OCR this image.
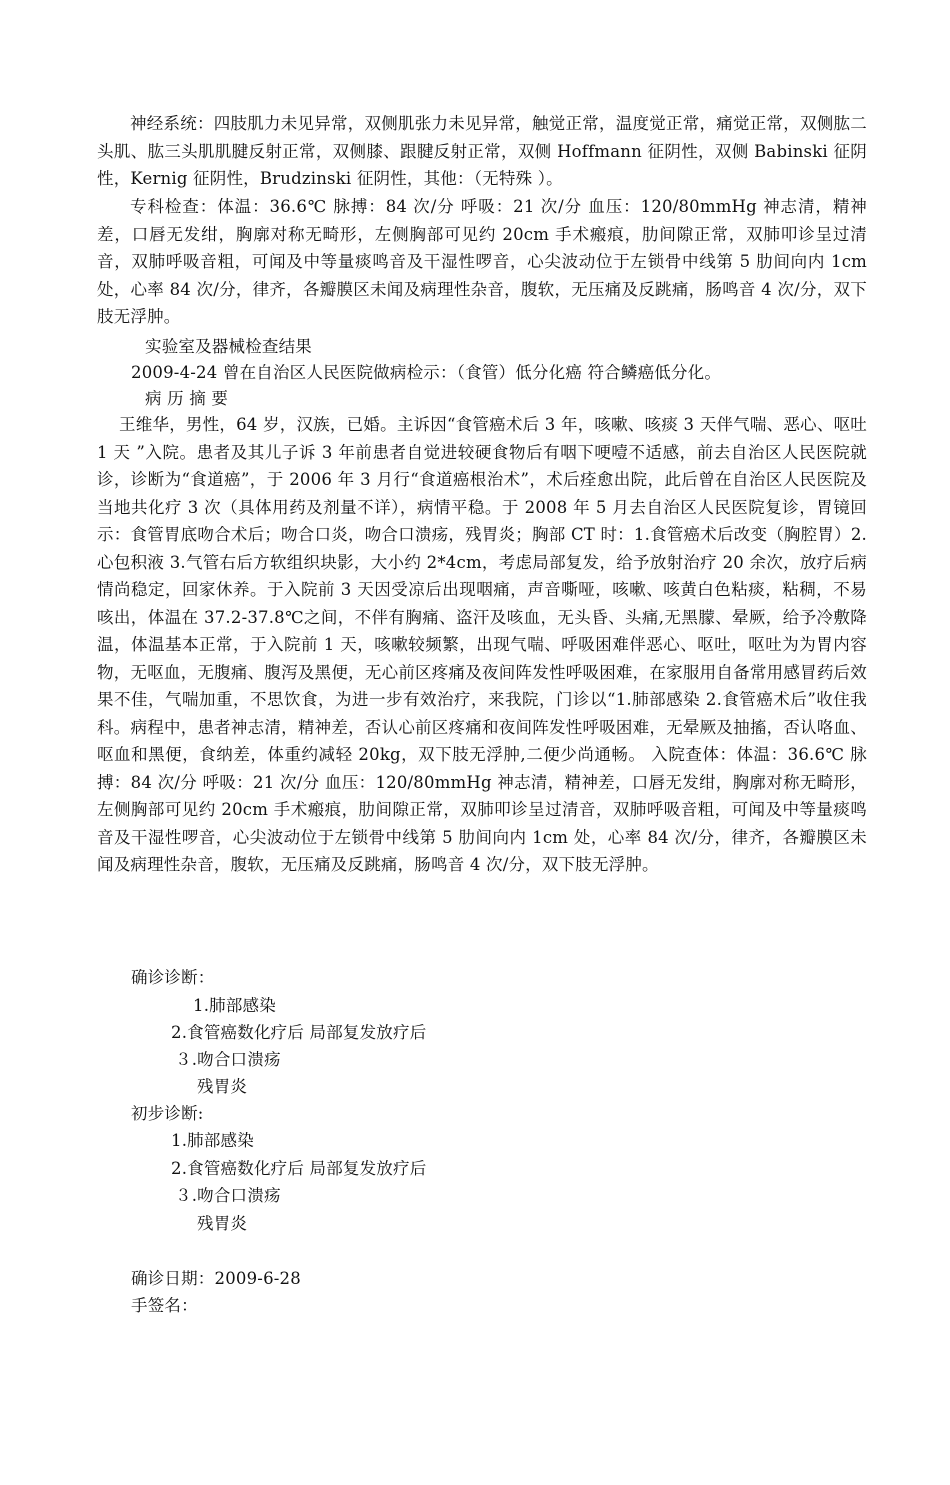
神经系统：四肢肌力未见异常，双侧肌张力未见异常，触觉正常，温度觉正常，痛觉正常，双侧肱二头肌、肱三头肌肌腱反射正常，双侧膝、跟腱反射正常，双侧 Hoffmann 征阴性，双侧 Babinski 征阴性，Kernig 征阴性，Brudzinski 征阴性，其他：（无特殊 ）。

专科检查：体温：36.6℃ 脉搏：84 次/分 呼吸：21 次/分 血压：120/80mmHg 神志清，精神差，口唇无发绀，胸廓对称无畸形，左侧胸部可见约 20cm 手术瘢痕，肋间隙正常，双肺叩诊呈过清音，双肺呼吸音粗，可闻及中等量痰鸣音及干湿性啰音，心尖波动位于左锁骨中线第 5 肋间向内 1cm 处，心率 84 次/分，律齐，各瓣膜区未闻及病理性杂音，腹软，无压痛及反跳痛，肠鸣音 4 次/分，双下肢无浮肿。

实验室及器械检查结果

2009-4-24 曾在自治区人民医院做病检示：（食管）低分化癌 符合鳞癌低分化。

病 历 摘 要

王维华，男性，64 岁，汉族，已婚。主诉因“食管癌术后 3 年，咳嗽、咳痰 3 天伴气喘、恶心、呕吐 1 天 ”入院。患者及其儿子诉 3 年前患者自觉进较硬食物后有咽下哽噎不适感，前去自治区人民医院就诊，诊断为“食道癌”，于 2006 年 3 月行“食道癌根治术”，术后痊愈出院，此后曾在自治区人民医院及当地共化疗 3 次（具体用药及剂量不详），病情平稳。于 2008 年 5 月去自治区人民医院复诊，胃镜回示：食管胃底吻合术后；吻合口炎，吻合口溃疡，残胃炎；胸部 CT 时：1.食管癌术后改变（胸腔胃）2.心包积液 3.气管右后方软组织块影，大小约 2*4cm，考虑局部复发，给予放射治疗 20 余次，放疗后病情尚稳定，回家休养。于入院前 3 天因受凉后出现咽痛，声音嘶哑，咳嗽、咳黄白色粘痰，粘稠，不易咳出，体温在 37.2-37.8℃之间，不伴有胸痛、盗汗及咳血，无头昏、头痛,无黑朦、晕厥，给予冷敷降温，体温基本正常，于入院前 1 天，咳嗽较频繁，出现气喘、呼吸困难伴恶心、呕吐，呕吐为为胃内容物，无呕血，无腹痛、腹泻及黑便，无心前区疼痛及夜间阵发性呼吸困难，在家服用自备常用感冒药后效果不佳，气喘加重，不思饮食，为进一步有效治疗，来我院，门诊以“1.肺部感染 2.食管癌术后”收住我科。病程中，患者神志清，精神差，否认心前区疼痛和夜间阵发性呼吸困难，无晕厥及抽搐，否认咯血、呕血和黑便，食纳差，体重约减轻 20kg，双下肢无浮肿,二便少尚通畅。 入院查体：体温：36.6℃ 脉搏：84 次/分 呼吸：21 次/分 血压：120/80mmHg 神志清，精神差，口唇无发绀，胸廓对称无畸形，左侧胸部可见约 20cm 手术瘢痕，肋间隙正常，双肺叩诊呈过清音，双肺呼吸音粗，可闻及中等量痰鸣音及干湿性啰音，心尖波动位于左锁骨中线第 5 肋间向内 1cm 处，心率 84 次/分，律齐，各瓣膜区未闻及病理性杂音，腹软，无压痛及反跳痛，肠鸣音 4 次/分，双下肢无浮肿。

确诊诊断：

1.肺部感染

2.食管癌数化疗后 局部复发放疗后

３.吻合口溃疡

残胃炎

初步诊断:

1.肺部感染

2.食管癌数化疗后 局部复发放疗后

３.吻合口溃疡

残胃炎

确诊日期：2009-6-28

手签名：
